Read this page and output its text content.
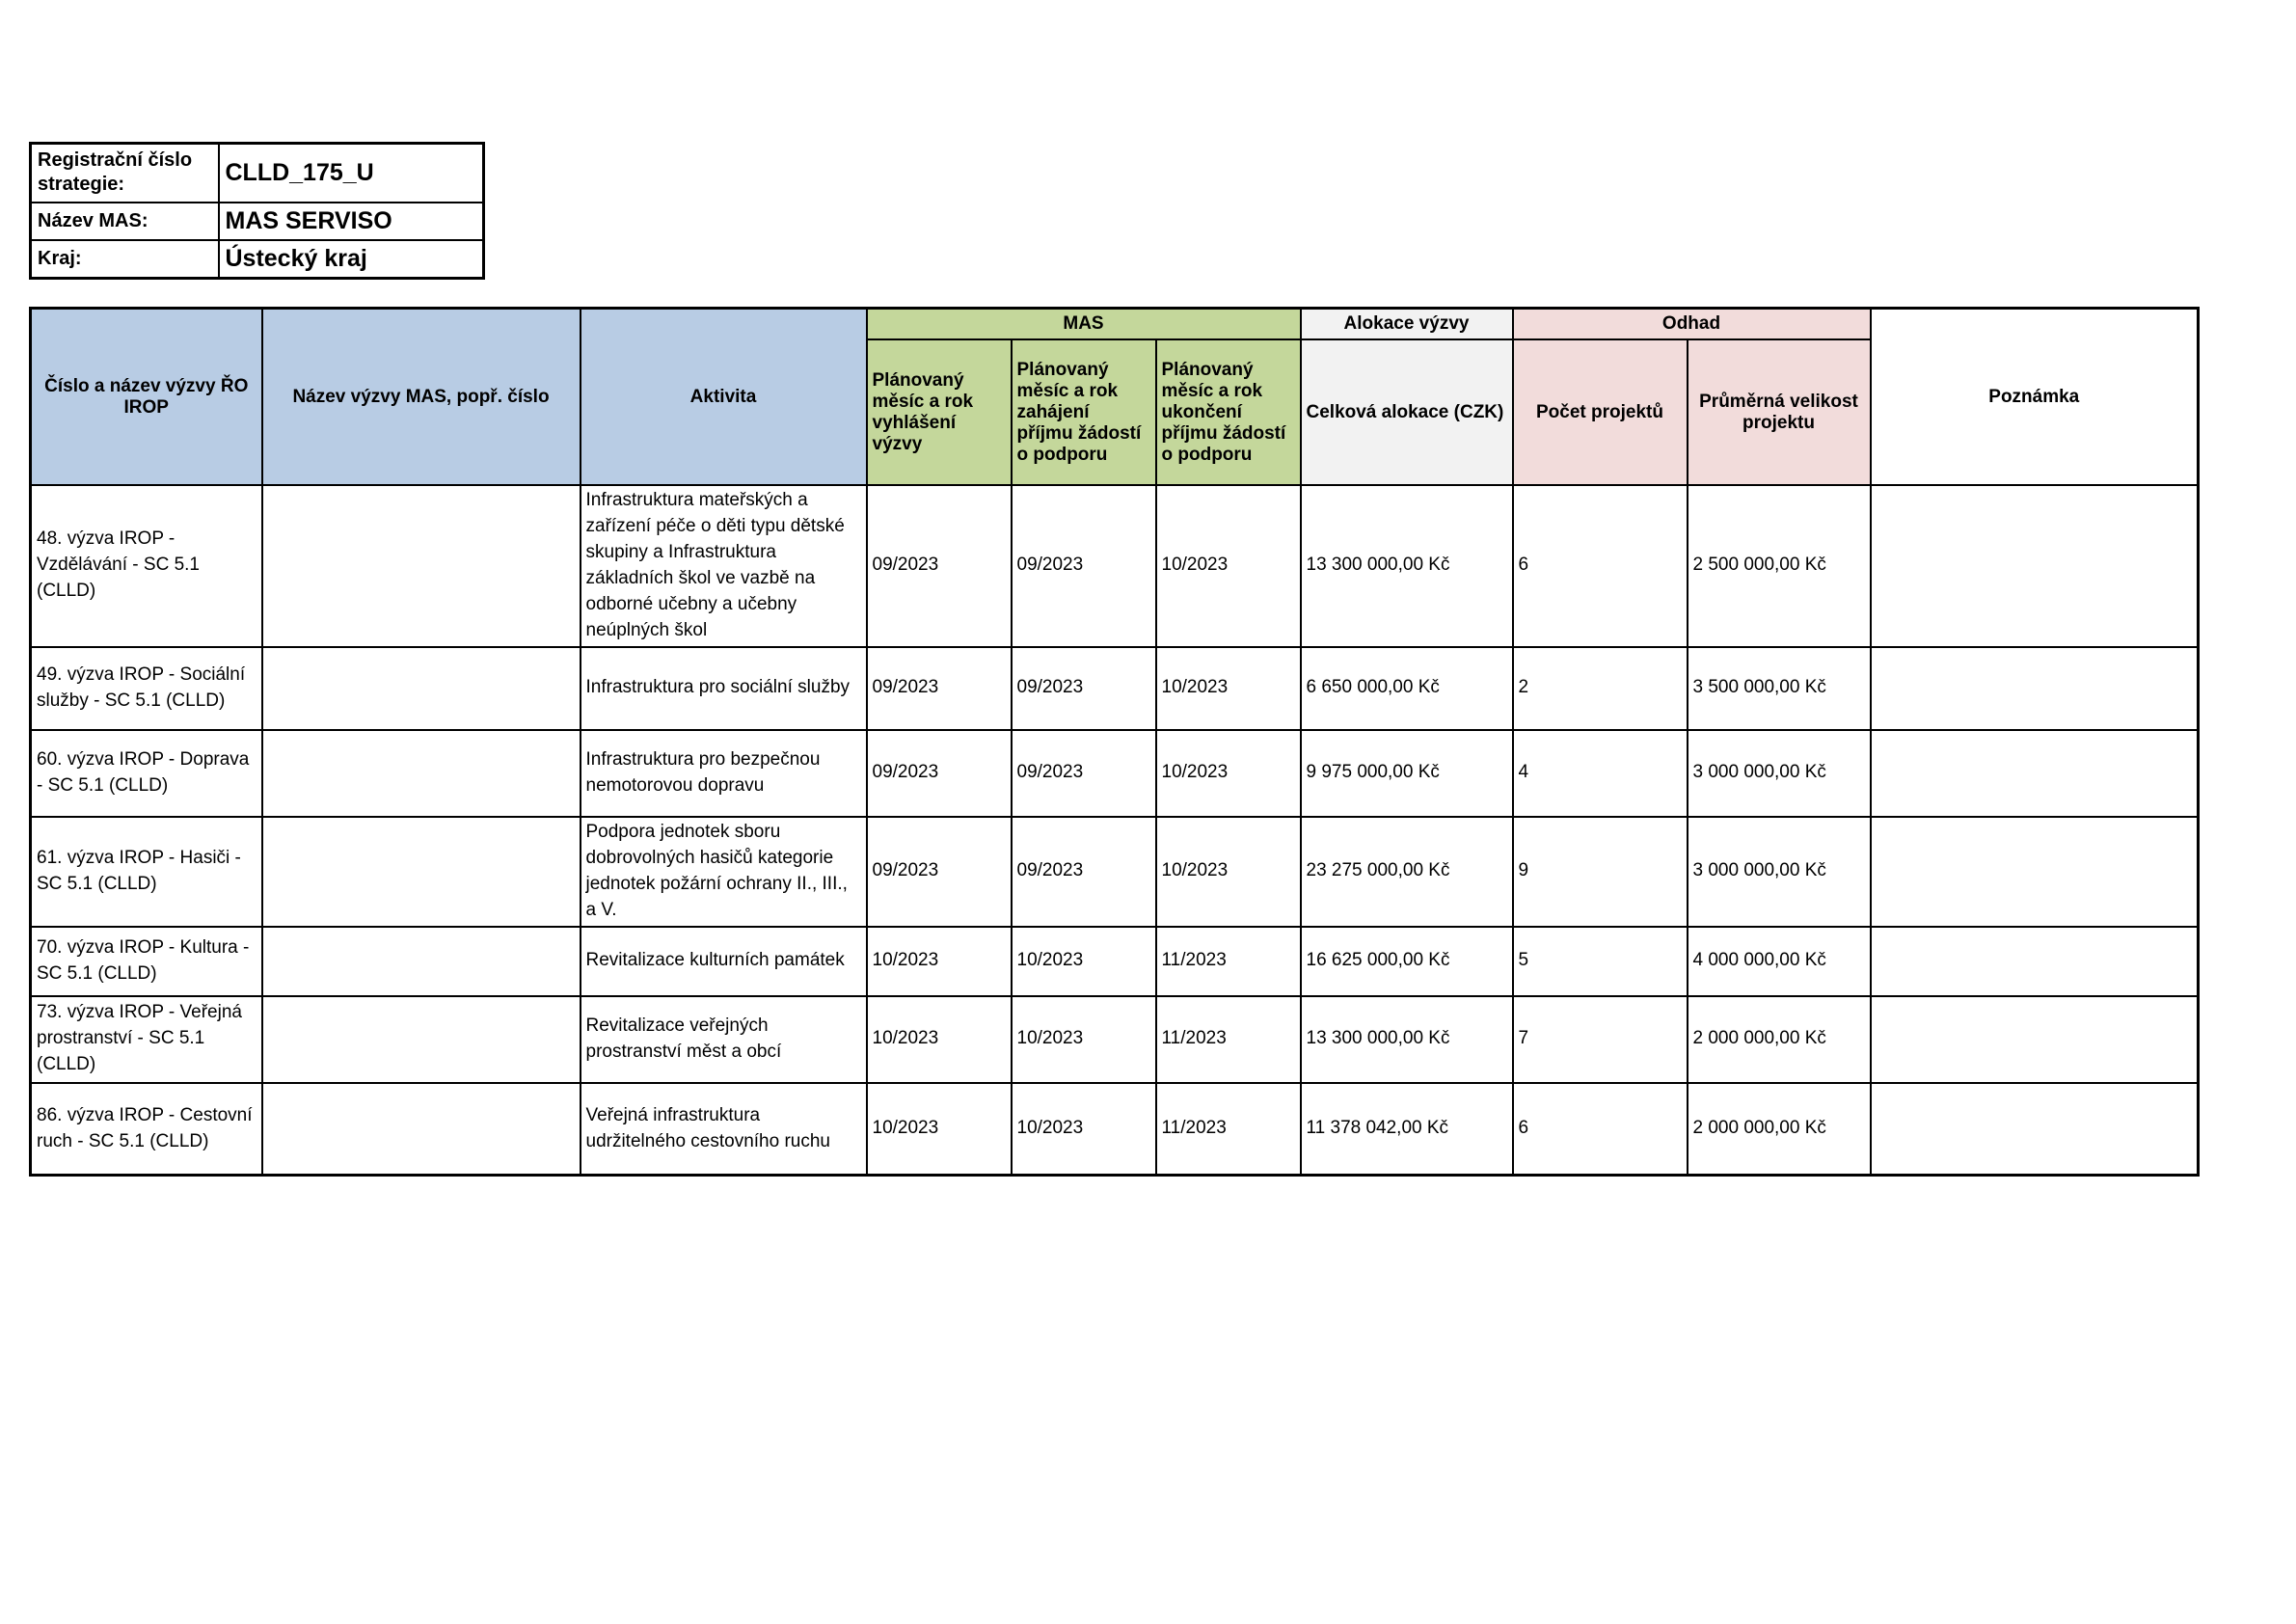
Registrační číslo strategie:	CLLD_175_U
Název MAS:	MAS SERVISO
Kraj:	Ústecký kraj
Číslo a název výzvy ŘO IROP	Název výzvy MAS, popř. číslo	Aktivita	MAS			Alokace výzvy	Odhad		Poznámka
			Plánovaný měsíc a rok vyhlášení výzvy	Plánovaný měsíc a rok zahájení příjmu žádostí o podporu	Plánovaný měsíc a rok ukončení příjmu žádostí o podporu	Celková alokace (CZK)	Počet projektů	Průměrná velikost projektu	
48. výzva IROP - Vzdělávání - SC 5.1 (CLLD)		Infrastruktura mateřských a zařízení péče o děti typu dětské skupiny a Infrastruktura základních škol ve vazbě na odborné učebny a učebny neúplných škol	09/2023	09/2023	10/2023	13 300 000,00 Kč	6	2 500 000,00 Kč	
49. výzva IROP - Sociální služby - SC 5.1 (CLLD)		Infrastruktura pro sociální služby	09/2023	09/2023	10/2023	6 650 000,00 Kč	2	3 500 000,00 Kč	
60. výzva IROP - Doprava - SC 5.1 (CLLD)		Infrastruktura pro bezpečnou nemotorovou dopravu	09/2023	09/2023	10/2023	9 975 000,00 Kč	4	3 000 000,00 Kč	
61. výzva IROP - Hasiči - SC 5.1 (CLLD)		Podpora jednotek sboru dobrovolných hasičů kategorie jednotek požární ochrany II., III., a V.	09/2023	09/2023	10/2023	23 275 000,00 Kč	9	3 000 000,00 Kč	
70. výzva IROP - Kultura - SC 5.1 (CLLD)		Revitalizace kulturních památek	10/2023	10/2023	11/2023	16 625 000,00 Kč	5	4 000 000,00 Kč	
73. výzva IROP - Veřejná prostranství - SC 5.1 (CLLD)		Revitalizace veřejných prostranství měst a obcí	10/2023	10/2023	11/2023	13 300 000,00 Kč	7	2 000 000,00 Kč	
86. výzva IROP - Cestovní ruch - SC 5.1 (CLLD)		Veřejná infrastruktura udržitelného cestovního ruchu	10/2023	10/2023	11/2023	11 378 042,00 Kč	6	2 000 000,00 Kč	
